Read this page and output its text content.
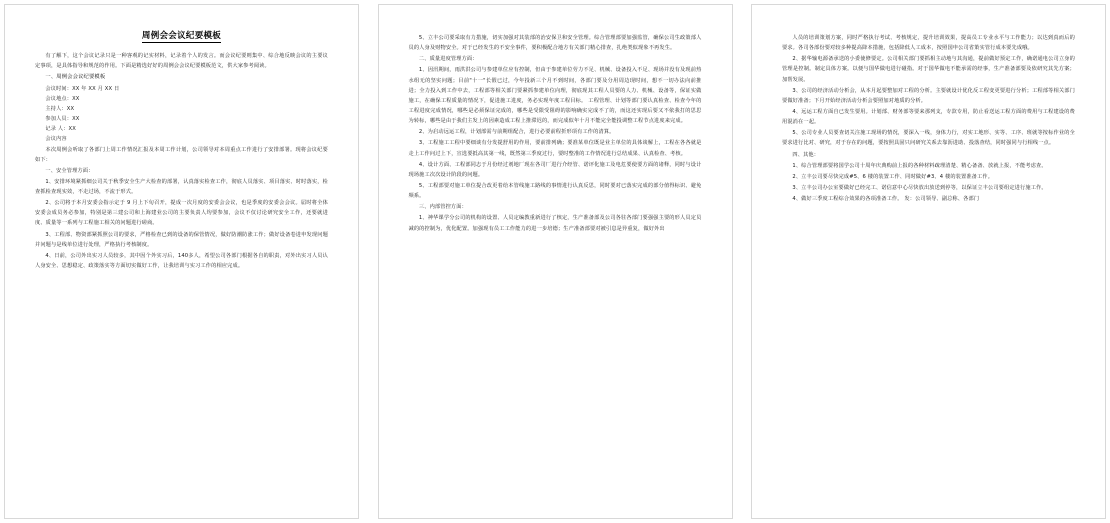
周例会会议纪要模板

有了解下，这个会议记录只是一种客观的记实材料，记录着个人的发言。而会议纪要则集中、综合地反映会议的主要议定事项，是具体指导和规范的作用。下面是精选好好的周例会会议纪要模板范文，供大家参考阅读。

一、周例会会议纪要模板

会议时间：XX 年 XX 月 XX 日

会议地点：XX

主持人：XX

参加人员：XX

记录 人：XX

会议内容

本次周例会听取了各部门上周工作情况汇报及本周工作计划，公司领导对本周重点工作进行了安排部署。现将会议纪要如下：

一、安全管理方面：

1、安排环境紧抓细公司关于秋季安全生产大检查的部署，认真落实检查工作，彻底人员落实、项目落实、时时落实，检查抓检查现实效，不走过场，不流于形式。

2、公司将于本月安委会指示定于 9 月上下旬召开，提成一次月度的安委会会议，也是季度的安委会会议。届时将全体安委会成员务必参加，特别是第三建公司和上海建业公司的主要负责人均要参加，会议不仅讨论研究安全工作，还要就进度、质量等一系列与工程施工相关的问题进行磋商。

3、工程部、物资部紧抓照公司的要求，严格检查已到的设备的保管情况，做好防潮防涨工作；做好设备卷进申发现问题并问题与是线单位进行处理，严格执行考核制度。

4、日前，公司外出实习人员较多，其中因个外实习后，140多人，希望公司各部门根据各自的职责，对外出实习人员认人身安全、思想稳定、政策落实等方面切实做好工作，让我培训与实习工作的相应完成。

5、立丰公司要采取有力措施，切实加强对其装部的治安保卫和安全管理。综合管理部要加强监管，确保公司生政策部人员的人身及财物安全。对于已经发生的不安全事件，要积极配合地方有关部门精心排查，扎绝类似现象不再发生。

二、质量进度管理方面：

1、因汛期间，雨洪洪公司与参建单位应有控制，但由于参建单位劳力不足、机械、设备投入不足、现场并没有及现前热水组无的坚实问题；目前"十一"长假已过，今年投新三个月不到时间，各部门要及分用周边现时间，想不一切办法向前推进；全力投入到工作中去，工程部等相关部门要紧抓参建单位向理，彻底现其工程人员要的人力、机械、设备等，保证实做施工，在确保工程质量的情况下，促进施工进度，务必实现年度工程目标。 工程管理、计划等部门要认真检查、检查今年的工程进度完成情况，哪些是必须保证完成的，哪些是受限受阻碍的影响确实完成不了的，而这还实现后要又不依我打的思思为转标，哪些是由于我们主发上的因素造成工程上推滞迟的，而完成似年十月不能完全能投调整工程节点进度来完成。

2、为启动远运工程，计划部需与前期组配合，进行必要前程折形项有工作的清算。

3、工程施工工程中要细谈有分发提舒用的作用，要前排列确；要准某单位既是业主单位的具体谈解上，工程在各各就是走上工作问过上下，宣选要抵高其第一线，既然第三季度过行，要时整准的工作情况进行总结成果、认真检查、考核。

4、设计方面、工程部同志于月份经过剂地厂现在各司厂进行介经管、诺评化施工及电危要使要方面的诸释，同时与设计现场施工次次设计阶段的问题。

5、工程部要对施工单位提合改更着给本管线施工路线的事情进行认真反思，同时要对已落实完成的部分值得标识、避免频系。

三、内部管控方面：

1、神华课学分公司的机构的设置、人员定编教重新进行了核定，生产准备部及公司各驻各部门要强强主要的形人员定员减的的控制为，优化配置。加强现有员工工作能力的进一步培德；生产准备部要对被引息是异重复，做好外出

人员的培训策划方案，同时严格执行考试、考核规定，提升培训效果，提高员工专业水平与工作能力；以达到真而后的要求。各司各部份要对较多种提高降本措施，包括降低人工成本，按照国申公司省策实管行成本要先成哦。

2、据华输电源备承送的小委使修要定。公司相关部门要抓相主动地与其沟通，提前做好预定工作，确诺通电公司立身的管理是控制。制定具体方案。以便与国华做电进行碰指。对于国华做电不能承需的经事，生产准备部要及依研究其先方案；加帮发展。

3、公司的经济活动分析会，从本月起要整加对工程的分析。主要就设计优化反工程变更要进行分析；工程部等相关部门要做好准备；下月开始经济活动分析会要照加对地质的分析。

4、远运工程方面自已发生要用。计划部、财务部等要来那列支，专款专用，防止看送运工程方面的费用与工程建设的费用混消在一起。

5、公司专业人员要查切关注施工现场的情况，要深入一线，身体力行，对实工地形、实等、工序、班就等按标作业的全要求进行比对、研究，对于存在的问题，要按照具固只问研究关系去靠沥进助、投落查结，同时强同与行相线一点。

四、其他：

1、综合管理部要将国学公司十周年庆典购前上报的各种材料疏理清楚、精心备备、放就上报，不能考虑查。

2、立丰公司要尽快完成#5、6 楼的装置工作、同时做好#3、4 楼的装置准备工作。

3、立丰公司办公室要做好已经完工、诺信意中心尽快放出放送到停等，以保证立丰公司要组定进行施工作。

4、做好三季度工程综合效果的各项准备工作。 发：公司领导、副总称、各部门
